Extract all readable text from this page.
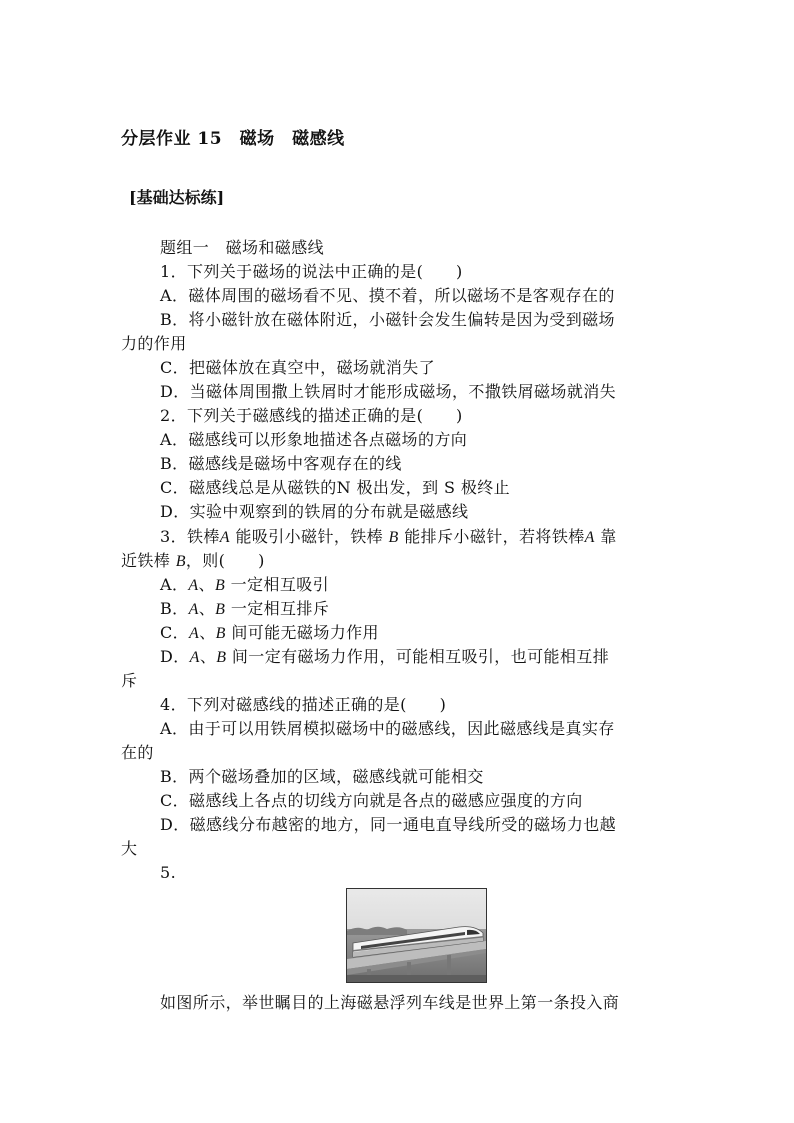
分层作业 15　磁场　磁感线
[基础达标练]
题组一　磁场和磁感线
1．下列关于磁场的说法中正确的是(　　)
A．磁体周围的磁场看不见、摸不着，所以磁场不是客观存在的
B．将小磁针放在磁体附近，小磁针会发生偏转是因为受到磁场
力的作用
C．把磁体放在真空中，磁场就消失了
D．当磁体周围撒上铁屑时才能形成磁场，不撒铁屑磁场就消失
2．下列关于磁感线的描述正确的是(　　)
A．磁感线可以形象地描述各点磁场的方向
B．磁感线是磁场中客观存在的线
C．磁感线总是从磁铁的N 极出发，到 S 极终止
D．实验中观察到的铁屑的分布就是磁感线
3．铁棒A 能吸引小磁针，铁棒 B 能排斥小磁针，若将铁棒A 靠
近铁棒 B，则(　　)
A．A、B 一定相互吸引
B．A、B 一定相互排斥
C．A、B 间可能无磁场力作用
D．A、B 间一定有磁场力作用，可能相互吸引，也可能相互排
斥
4．下列对磁感线的描述正确的是(　　)
A．由于可以用铁屑模拟磁场中的磁感线，因此磁感线是真实存
在的
B．两个磁场叠加的区域，磁感线就可能相交
C．磁感线上各点的切线方向就是各点的磁感应强度的方向
D．磁感线分布越密的地方，同一通电直导线所受的磁场力也越
大
5.
如图所示，举世瞩目的上海磁悬浮列车线是世界上第一条投入商
